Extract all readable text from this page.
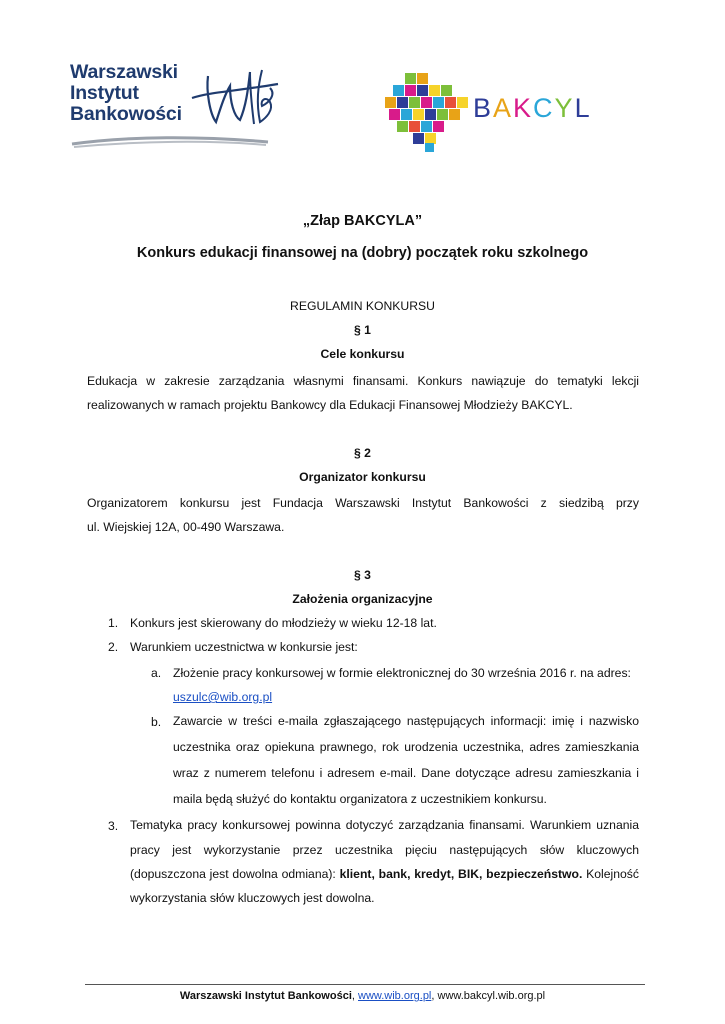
Warszawski
Instytut
Bankowości	BAKCYL
„Złap BAKCYLA”
Konkurs edukacji finansowej na (dobry) początek roku szkolnego
REGULAMIN KONKURSU
§ 1
Cele konkursu
Edukacja w zakresie zarządzania własnymi finansami. Konkurs nawiązuje do tematyki lekcji
realizowanych w ramach projektu Bankowcy dla Edukacji Finansowej Młodzieży BAKCYL.
§ 2
Organizator konkursu
Organizatorem konkursu jest Fundacja Warszawski Instytut Bankowości z siedzibą przy
ul. Wiejskiej 12A, 00-490 Warszawa.
§ 3
Założenia organizacyjne
1. Konkurs jest skierowany do młodzieży w wieku 12-18 lat.
2. Warunkiem uczestnictwa w konkursie jest:
a. Złożenie pracy konkursowej w formie elektronicznej do 30 września 2016 r. na adres:
uszulc@wib.org.pl
b. Zawarcie w treści e-maila zgłaszającego następujących informacji: imię i nazwisko
uczestnika oraz opiekuna prawnego, rok urodzenia uczestnika, adres zamieszkania
wraz z numerem telefonu i adresem e-mail. Dane dotyczące adresu zamieszkania i
maila będą służyć do kontaktu organizatora z uczestnikiem konkursu.
3. Tematyka pracy konkursowej powinna dotyczyć zarządzania finansami. Warunkiem uznania
pracy jest wykorzystanie przez uczestnika pięciu następujących słów kluczowych
(dopuszczona jest dowolna odmiana): klient, bank, kredyt, BIK, bezpieczeństwo. Kolejność
wykorzystania słów kluczowych jest dowolna.
Warszawski Instytut Bankowości, www.wib.org.pl, www.bakcyl.wib.org.pl
